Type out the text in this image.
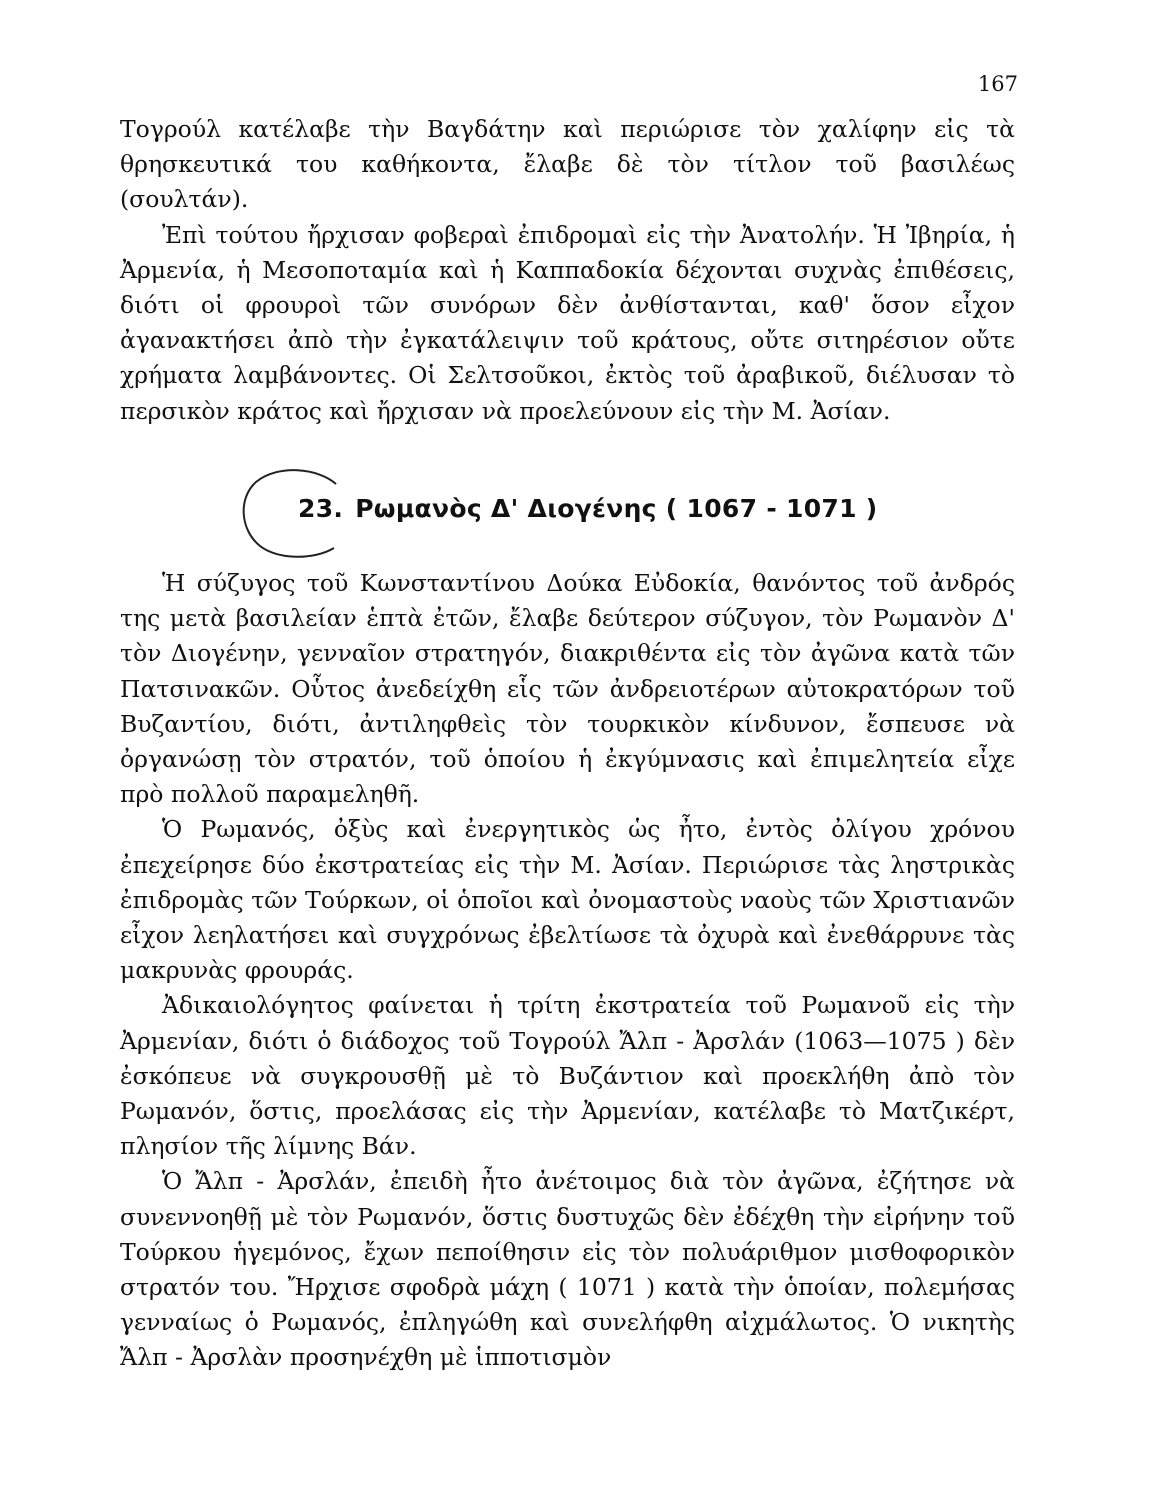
167

Τογρούλ κατέλαβε τὴν Βαγδάτην καὶ περιώρισε τὸν χαλίφην εἰς τὰ θρησκευτικά του καθήκοντα, ἔλαβε δὲ τὸν τίτλον τοῦ βασιλέως (σουλτάν).

Ἐπὶ τούτου ἤρχισαν φοβεραὶ ἐπιδρομαὶ εἰς τὴν Ἀνατολήν. Ἡ Ἰβηρία, ἡ Ἀρμενία, ἡ Μεσοποταμία καὶ ἡ Καππαδοκία δέχονται συχνὰς ἐπιθέσεις, διότι οἱ φρουροὶ τῶν συνόρων δὲν ἀνθίστανται, καθ' ὅσον εἶχον ἀγανακτήσει ἀπὸ τὴν ἐγκατάλειψιν τοῦ κράτους, οὔτε σιτηρέσιον οὔτε χρήματα λαμβάνοντες. Οἱ Σελτσοῦκοι, ἐκτὸς τοῦ ἀραβικοῦ, διέλυσαν τὸ περσικὸν κράτος καὶ ἤρχισαν νὰ προελεύνουν εἰς τὴν Μ. Ἀσίαν.

23. Ρωμανὸς Δ' Διογένης ( 1067 - 1071 )

Ἡ σύζυγος τοῦ Κωνσταντίνου Δούκα Εὐδοκία, θανόντος τοῦ ἀνδρός της μετὰ βασιλείαν ἑπτὰ ἐτῶν, ἔλαβε δεύτερον σύζυγον, τὸν Ρωμανὸν Δ' τὸν Διογένην, γενναῖον στρατηγόν, διακριθέντα εἰς τὸν ἀγῶνα κατὰ τῶν Πατσινακῶν. Οὗτος ἀνεδείχθη εἷς τῶν ἀνδρειοτέρων αὐτοκρατόρων τοῦ Βυζαντίου, διότι, ἀντιληφθεὶς τὸν τουρκικὸν κίνδυνον, ἔσπευσε νὰ ὀργανώσῃ τὸν στρατόν, τοῦ ὁποίου ἡ ἐκγύμνασις καὶ ἐπιμελητεία εἶχε πρὸ πολλοῦ παραμεληθῆ.

Ὁ Ρωμανός, ὀξὺς καὶ ἐνεργητικὸς ὡς ἦτο, ἐντὸς ὀλίγου χρόνου ἐπεχείρησε δύο ἐκστρατείας εἰς τὴν Μ. Ἀσίαν. Περιώρισε τὰς ληστρικὰς ἐπιδρομὰς τῶν Τούρκων, οἱ ὁποῖοι καὶ ὀνομαστοὺς ναοὺς τῶν Χριστιανῶν εἶχον λεηλατήσει καὶ συγχρόνως ἐβελτίωσε τὰ ὀχυρὰ καὶ ἐνεθάρρυνε τὰς μακρυνὰς φρουράς.

Ἀδικαιολόγητος φαίνεται ἡ τρίτη ἐκστρατεία τοῦ Ρωμανοῦ εἰς τὴν Ἀρμενίαν, διότι ὁ διάδοχος τοῦ Τογρούλ Ἄλπ - Ἀρσλάν (1063—1075 ) δὲν ἐσκόπευε νὰ συγκρουσθῇ μὲ τὸ Βυζάντιον καὶ προεκλήθη ἀπὸ τὸν Ρωμανόν, ὅστις, προελάσας εἰς τὴν Ἀρμενίαν, κατέλαβε τὸ Ματζικέρτ, πλησίον τῆς λίμνης Βάν.

Ὁ Ἄλπ - Ἀρσλάν, ἐπειδὴ ἦτο ἀνέτοιμος διὰ τὸν ἀγῶνα, ἐζήτησε νὰ συνεννοηθῇ μὲ τὸν Ρωμανόν, ὅστις δυστυχῶς δὲν ἐδέχθη τὴν εἰρήνην τοῦ Τούρκου ἡγεμόνος, ἔχων πεποίθησιν εἰς τὸν πολυάριθμον μισθοφορικὸν στρατόν του. Ἤρχισε σφοδρὰ μάχη ( 1071 ) κατὰ τὴν ὁποίαν, πολεμήσας γενναίως ὁ Ρωμανός, ἐπληγώθη καὶ συνελήφθη αἰχμάλωτος. Ὁ νικητὴς Ἄλπ - Ἀρσλὰν προσηνέχθη μὲ ἱπποτισμὸν
